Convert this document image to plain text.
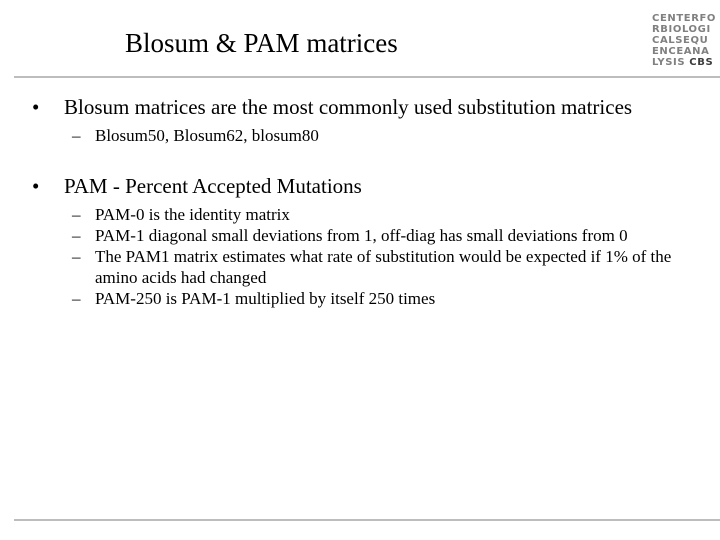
Blosum & PAM matrices
CENTERFO
RBIOLOGI
CALSEQU
ENCEANA
LYSIS CBS
• Blosum matrices are the most commonly used substitution matrices
– Blosum50, Blosum62, blosum80
• PAM - Percent Accepted Mutations
– PAM-0 is the identity matrix
– PAM-1 diagonal small deviations from 1, off-diag has small deviations from 0
– The PAM1 matrix estimates what rate of substitution would be expected if 1% of the amino acids had changed
– PAM-250 is PAM-1 multiplied by itself 250 times
